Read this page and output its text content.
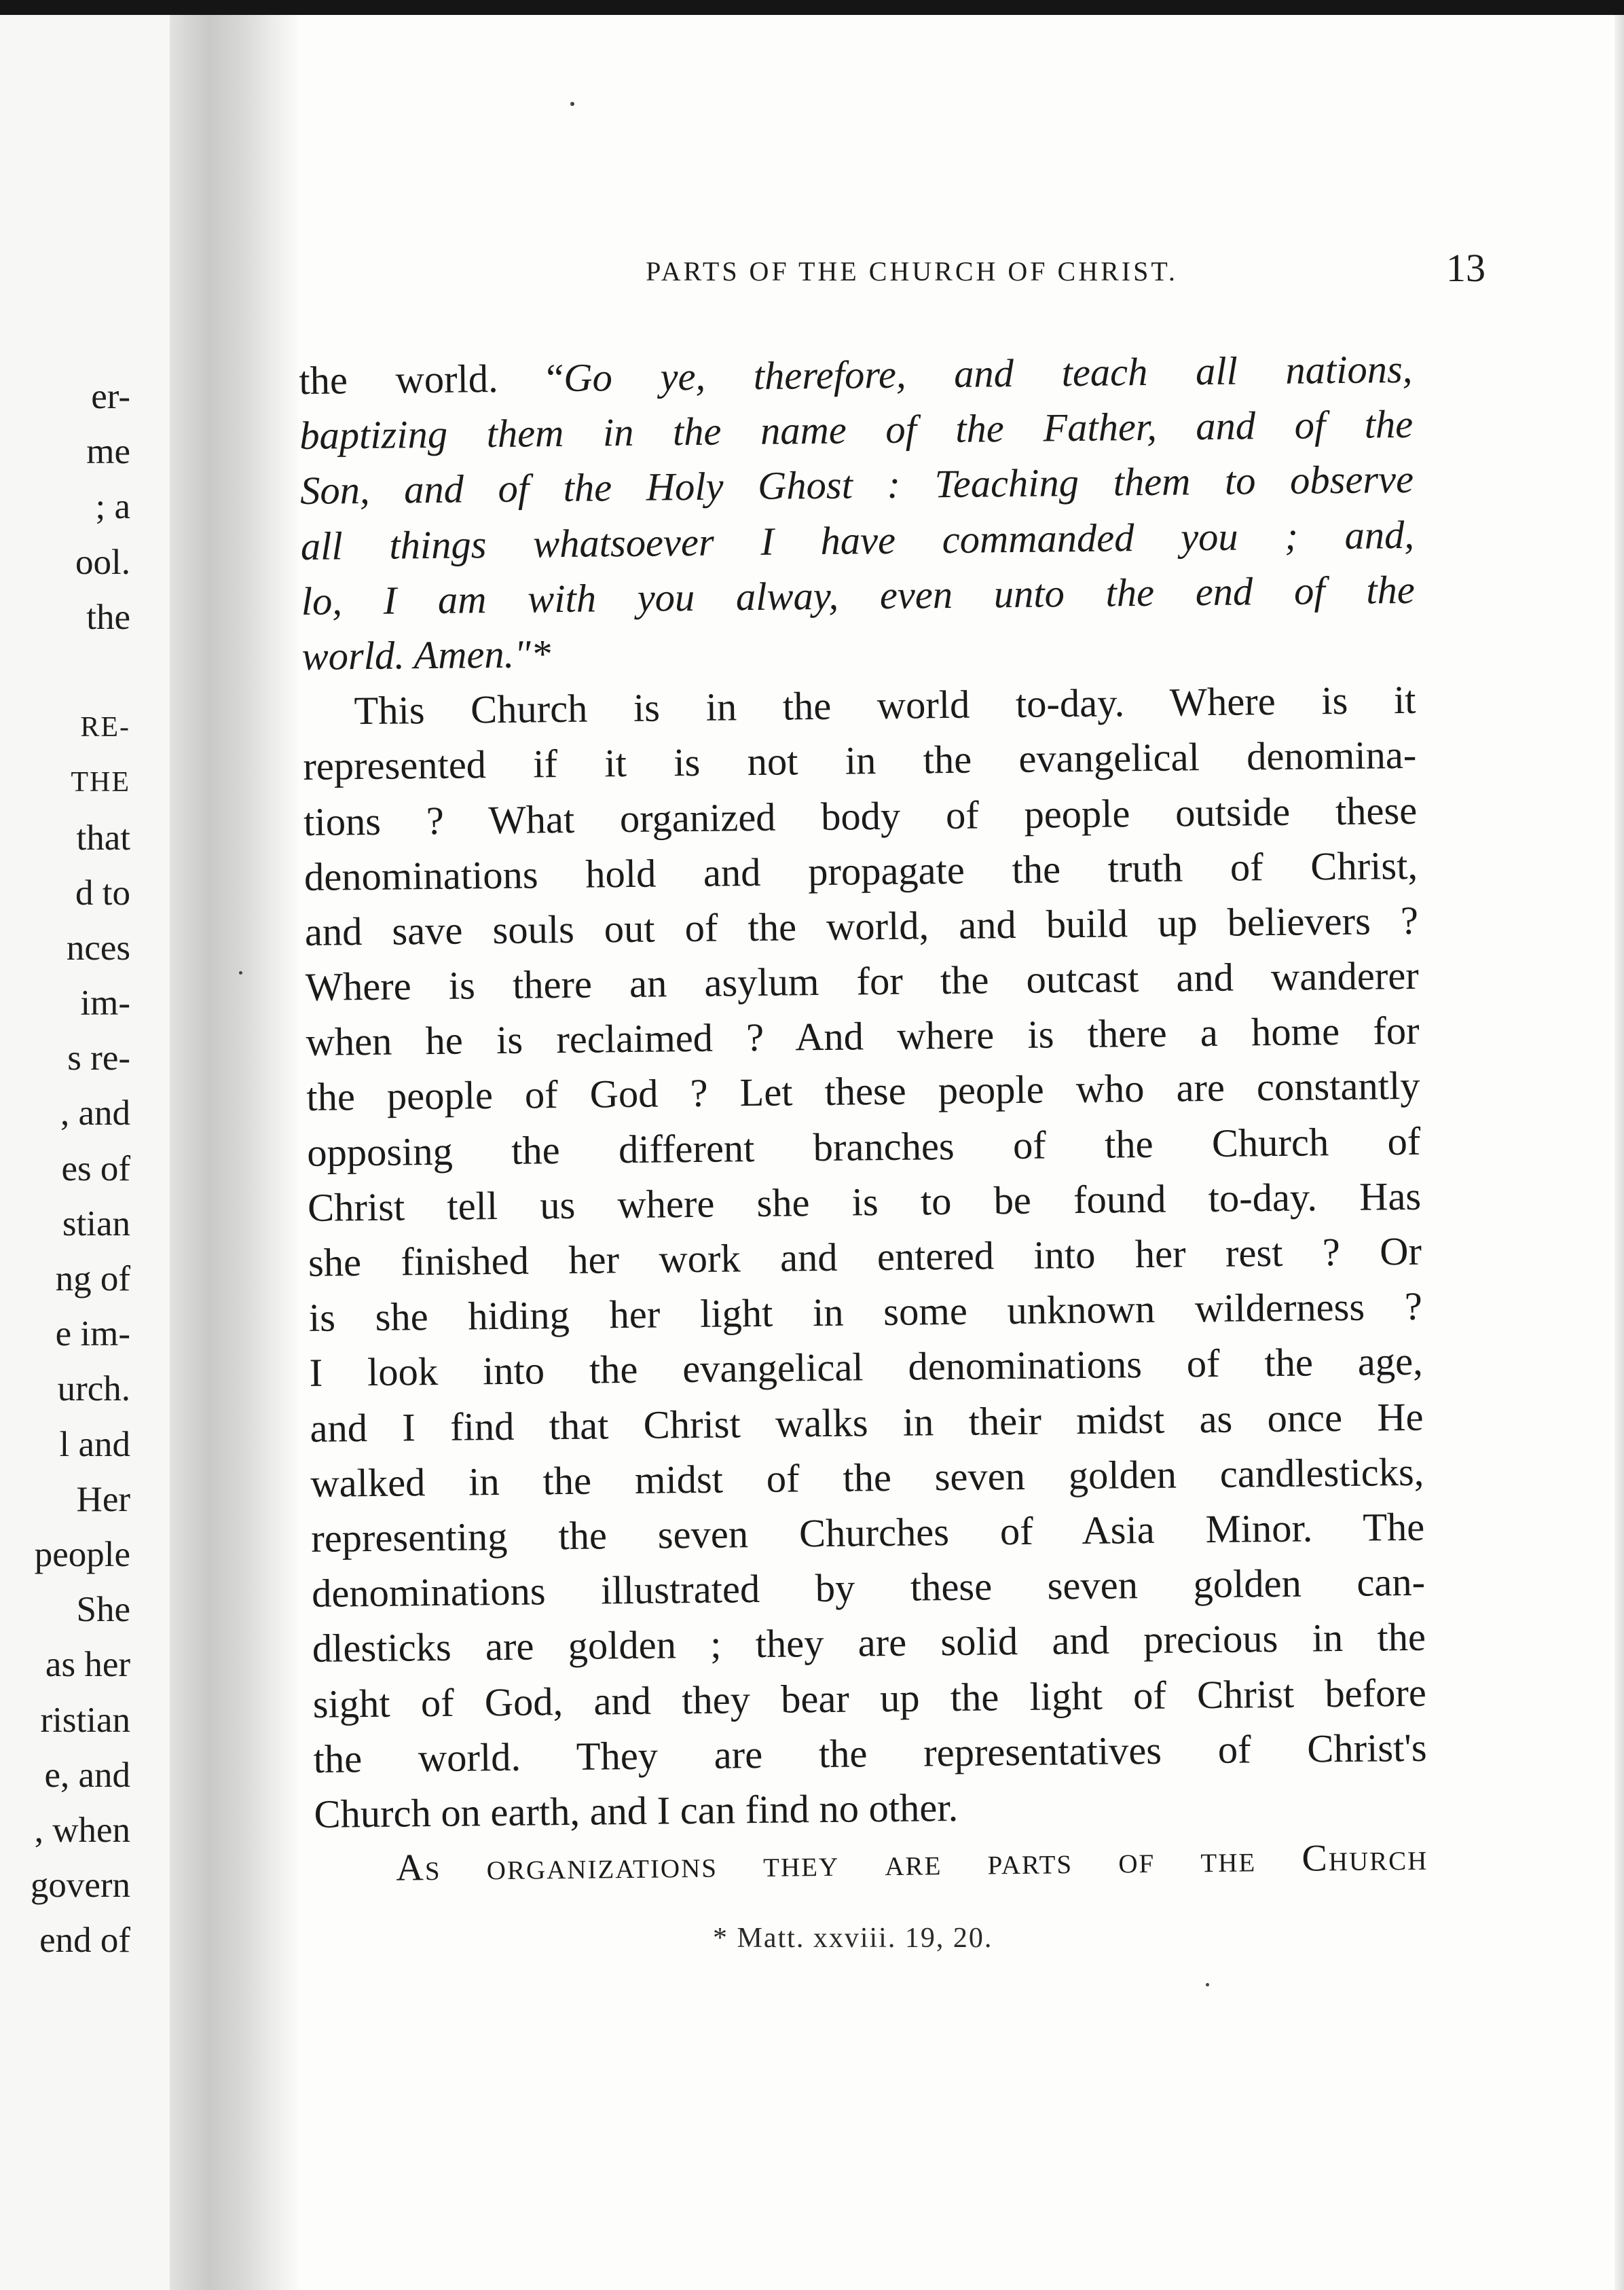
er-
me
; a
ool.
the
RE-
THE
that
d to
nces
im-
s re-
, and
es of
stian
ng of
e im-
urch.
l and
Her
people
She
as her
ristian
e, and
, when
govern
end of
PARTS OF THE CHURCH OF CHRIST.	13
the world. “Go ye, therefore, and teach all nations,
baptizing them in the name of the Father, and of the
Son, and of the Holy Ghost : Teaching them to observe
all things whatsoever I have commanded you ; and,
lo, I am with you alway, even unto the end of the
world. Amen."*
This Church is in the world to-day. Where is it
represented if it is not in the evangelical denomina-
tions ? What organized body of people outside these
denominations hold and propagate the truth of Christ,
and save souls out of the world, and build up believers ?
Where is there an asylum for the outcast and wanderer
when he is reclaimed ? And where is there a home for
the people of God ? Let these people who are constantly
opposing the different branches of the Church of
Christ tell us where she is to be found to-day. Has
she finished her work and entered into her rest ? Or
is she hiding her light in some unknown wilderness ?
I look into the evangelical denominations of the age,
and I find that Christ walks in their midst as once He
walked in the midst of the seven golden candlesticks,
representing the seven Churches of Asia Minor. The
denominations illustrated by these seven golden can-
dlesticks are golden ; they are solid and precious in the
sight of God, and they bear up the light of Christ before
the world. They are the representatives of Christ's
Church on earth, and I can find no other.
As organizations they are parts of the Church
* Matt. xxviii. 19, 20.
